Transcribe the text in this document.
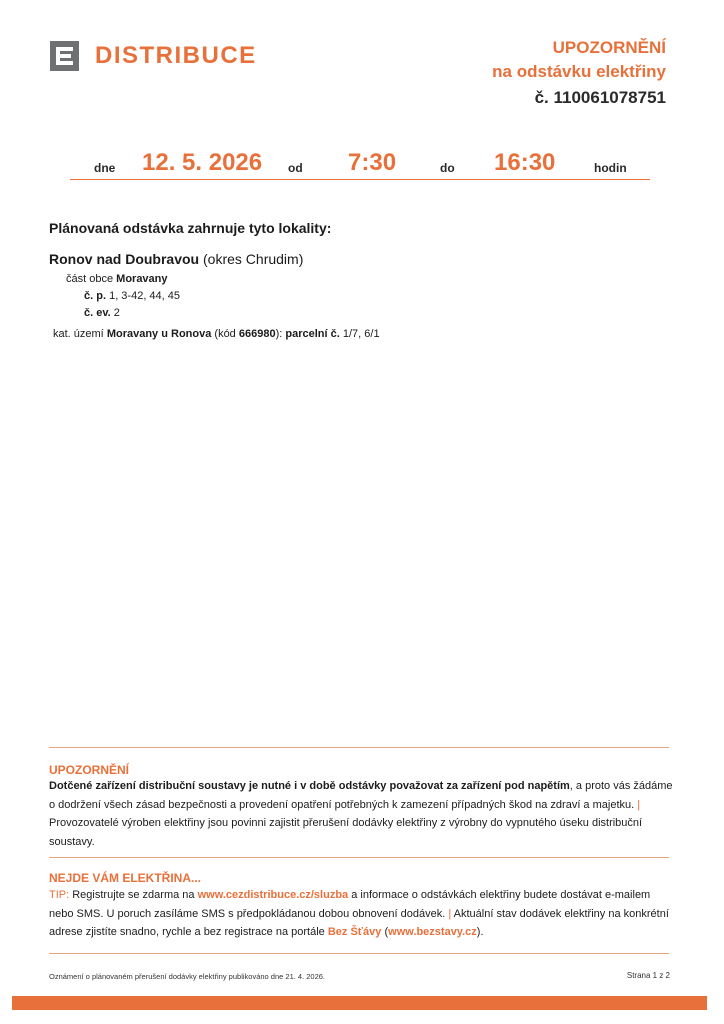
DISTRIBUCE	UPOZORNĚNÍ
na odstávku elektřiny
č. 110061078751
dne 12. 5. 2026 od 7:30	do 16:30	hodin
Plánovaná odstávka zahrnuje tyto lokality:
Ronov nad Doubravou (okres Chrudim)
část obce Moravany
č. p. 1, 3-42, 44, 45
č. ev. 2
kat. území Moravany u Ronova (kód 666980): parcelní č. 1/7, 6/1
UPOZORNĚNÍ
Dotčené zařízení distribuční soustavy je nutné i v době odstávky považovat za zařízení pod napětím, a proto vás žádáme o dodržení všech zásad bezpečnosti a provedení opatření potřebných k zamezení případných škod na zdraví a majetku. | Provozovatelé výroben elektřiny jsou povinni zajistit přerušení dodávky elektřiny z výrobny do vypnutého úseku distribuční soustavy.
NEJDE VÁM ELEKTŘINA...
TIP: Registrujte se zdarma na www.cezdistribuce.cz/sluzba a informace o odstávkách elektřiny budete dostávat e-mailem nebo SMS. U poruch zasíláme SMS s předpokládanou dobou obnovení dodávek. | Aktuální stav dodávek elektřiny na konkrétní adrese zjistíte snadno, rychle a bez registrace na portále Bez Šťávy (www.bezstavy.cz).
Oznámení o plánovaném přerušení dodávky elektřiny publikováno dne 21. 4. 2026.	Strana 1 z 2
